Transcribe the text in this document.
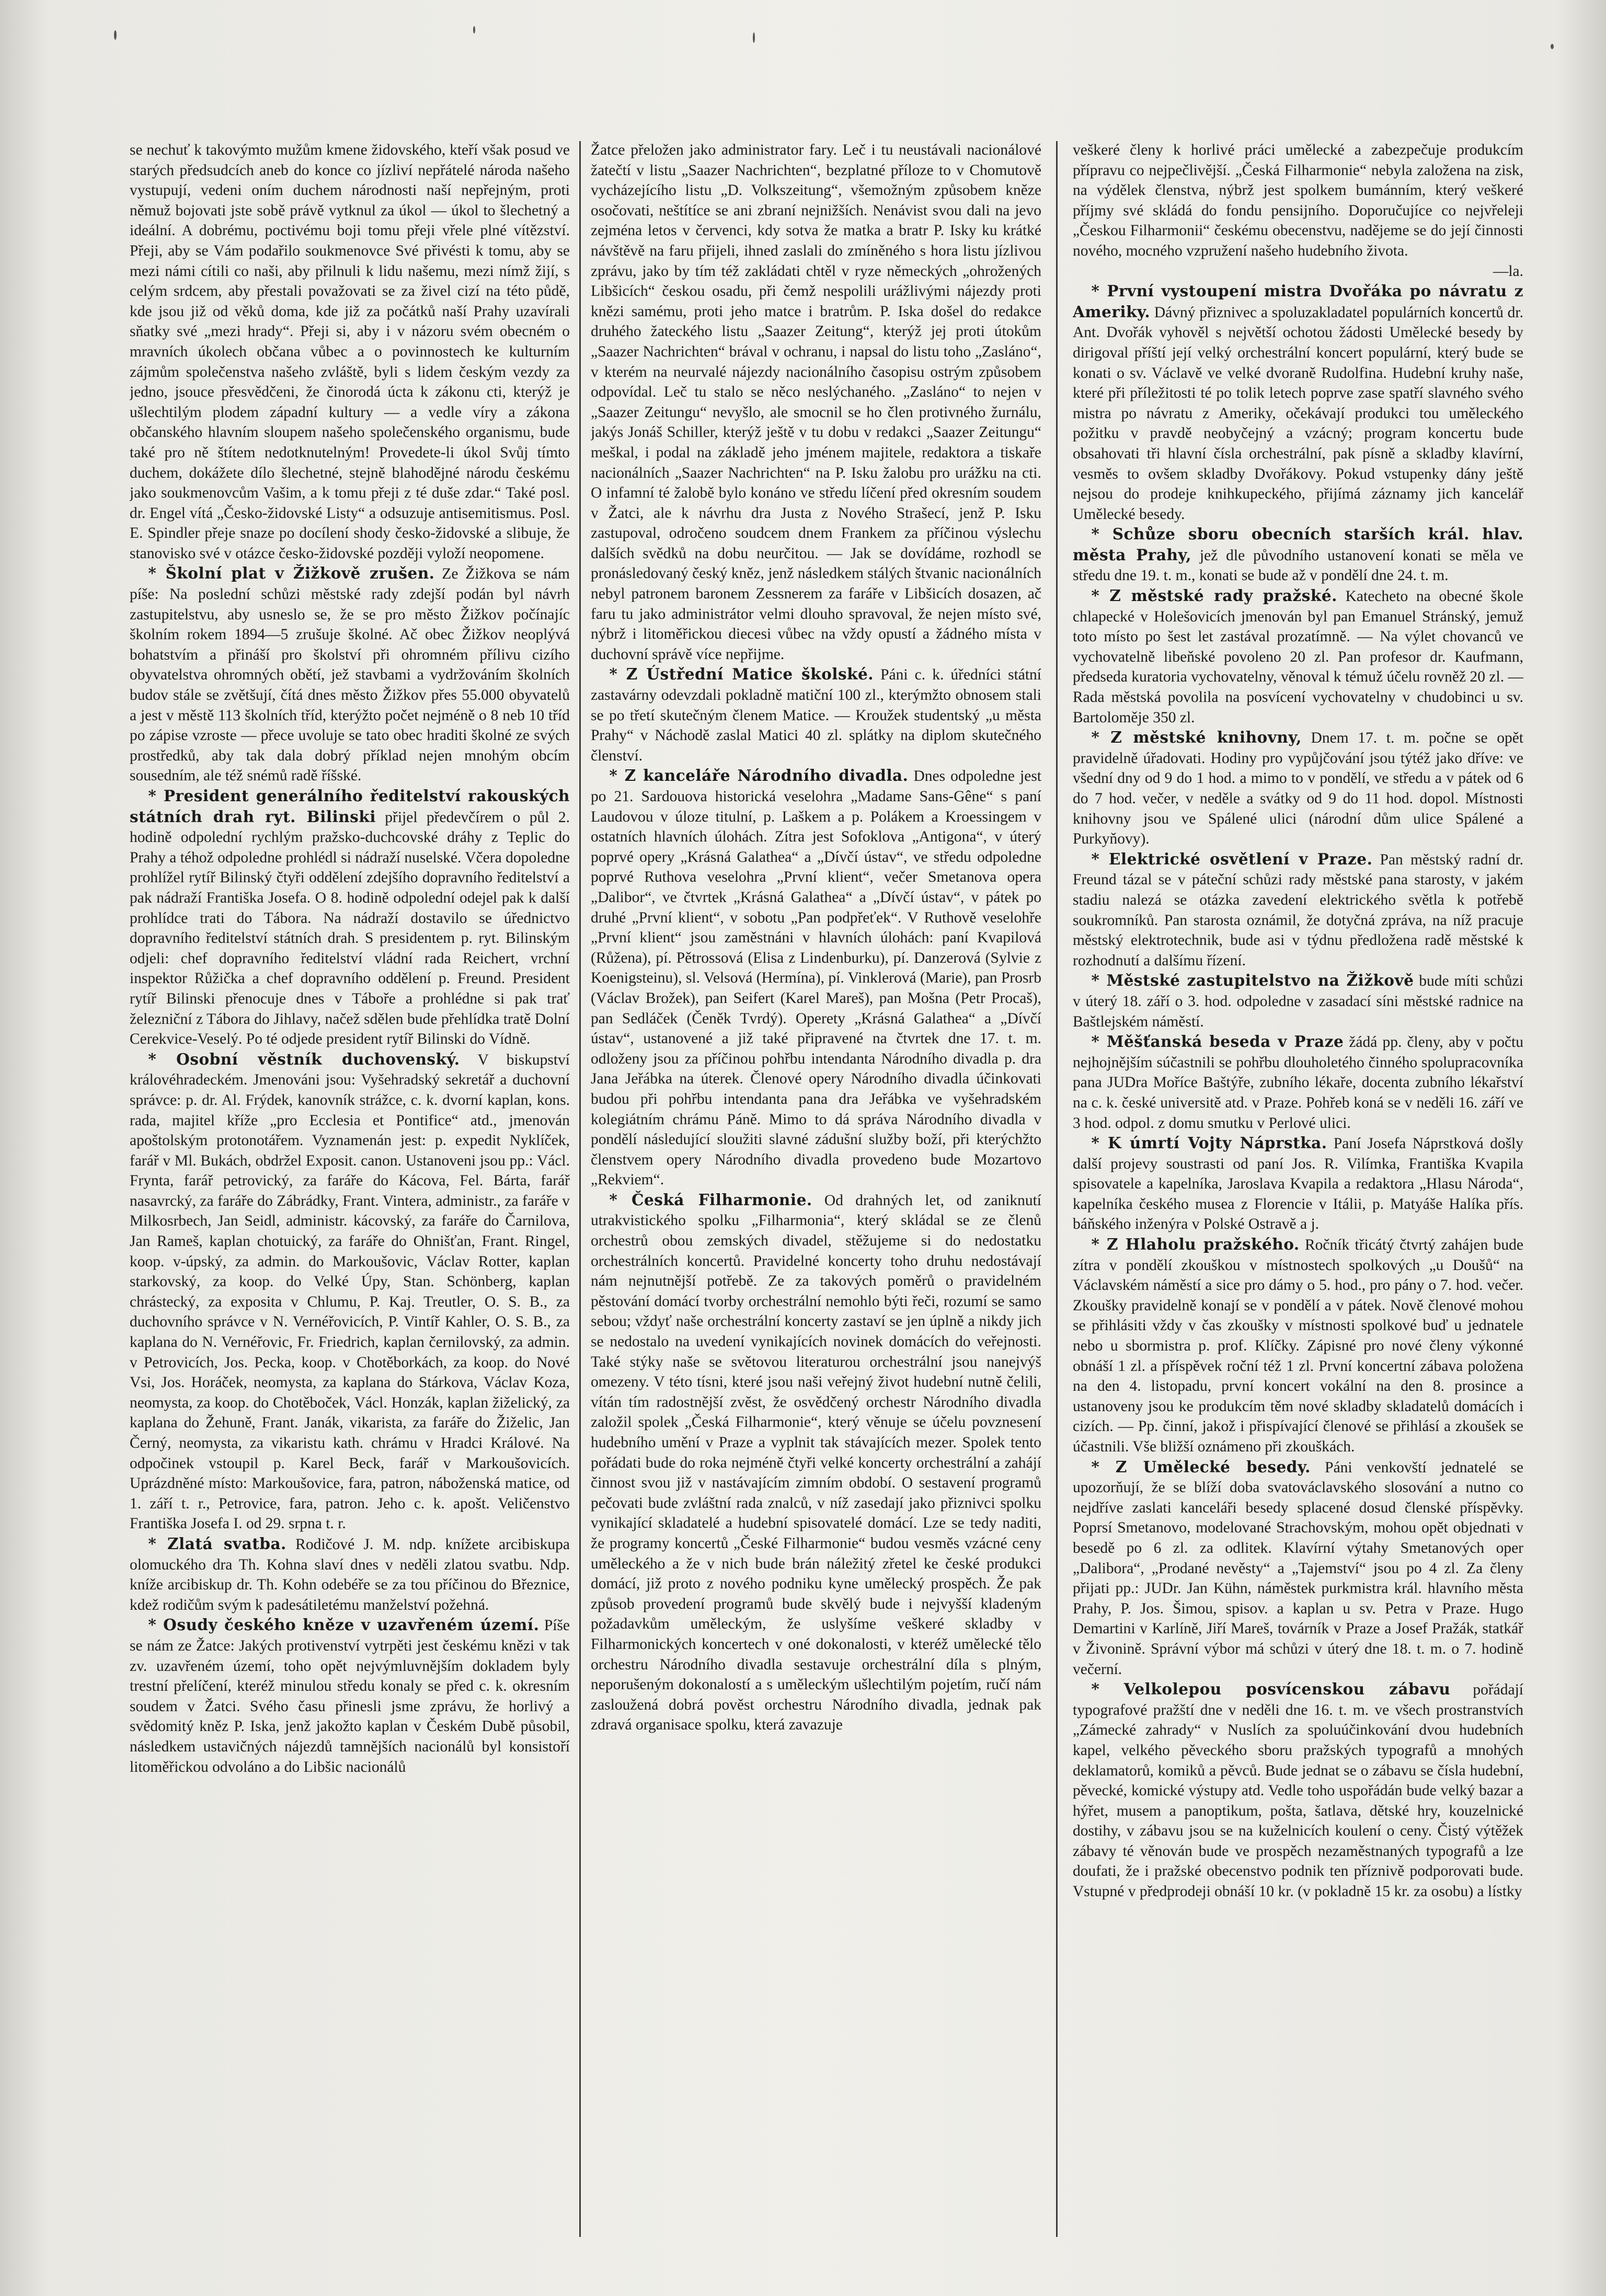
se nechuť k takovýmto mužům kmene židovského, kteří však posud ve starých předsudcích aneb do konce co jízliví nepřátelé národa našeho vystupují, vedeni oním duchem národnosti naší nepřejným, proti němuž bojovati jste sobě právě vytknul za úkol — úkol to šlechetný a ideální. A dobrému, poctivému boji tomu přeji vřele plné vítězství. Přeji, aby se Vám podařilo soukmenovce Své přivésti k tomu, aby se mezi námi cítili co naši, aby přilnuli k lidu našemu, mezi nímž žijí, s celým srdcem, aby přestali považovati se za živel cizí na této půdě, kde jsou již od věků doma, kde již za počátků naší Prahy uzavírali sňatky své „mezi hrady“. Přeji si, aby i v názoru svém obecném o mravních úkolech občana vůbec a o povinnostech ke kulturním zájmům společenstva našeho zvláště, byli s lidem českým vezdy za jedno, jsouce přesvědčeni, že činorodá úcta k zákonu cti, kterýž je ušlechtilým plodem západní kultury — a vedle víry a zákona občanského hlavním sloupem našeho společenského organismu, bude také pro ně štítem nedotknutelným! Provedete-li úkol Svůj tímto duchem, dokážete dílo šlechetné, stejně blahodějné národu českému jako soukmenovcům Vašim, a k tomu přeji z té duše zdar.“ Také posl. dr. Engel vítá „Česko-židovské Listy“ a odsuzuje antisemitismus. Posl. E. Spindler přeje snaze po docílení shody česko-židovské a slibuje, že stanovisko své v otázce česko-židovské později vyloží neopomene.

* Školní plat v Žižkově zrušen. Ze Žižkova se nám píše: Na poslední schůzi městské rady zdejší podán byl návrh zastupitelstvu, aby usneslo se, že se pro město Žižkov počínajíc školním rokem 1894—5 zrušuje školné. Ač obec Žižkov neoplývá bohatstvím a přináší pro školství při ohromném přílivu cizího obyvatelstva ohromných obětí, jež stavbami a vydržováním školních budov stále se zvětšují, čítá dnes město Žižkov přes 55.000 obyvatelů a jest v městě 113 školních tříd, kterýžto počet nejméně o 8 neb 10 tříd po zápise vzroste — přece uvoluje se tato obec hraditi školné ze svých prostředků, aby tak dala dobrý příklad nejen mnohým obcím sousedním, ale též snémů radě říšské.

* President generálního ředitelství rakouských státních drah ryt. Bilinski přijel předevčírem o půl 2. hodině odpolední rychlým pražsko-duchcovské dráhy z Teplic do Prahy a téhož odpoledne prohlédl si nádraží nuselské. Včera dopoledne prohlížel rytíř Bilinský čtyři oddělení zdejšího dopravního ředitelství a pak nádraží Františka Josefa. O 8. hodině odpolední odejel pak k další prohlídce trati do Tábora. Na nádraží dostavilo se úřednictvo dopravního ředitelství státních drah. S presidentem p. ryt. Bilinským odjeli: chef dopravního ředitelství vládní rada Reichert, vrchní inspektor Růžička a chef dopravního oddělení p. Freund. President rytíř Bilinski přenocuje dnes v Táboře a prohlédne si pak trať železniční z Tábora do Jihlavy, načež sdělen bude přehlídka tratě Dolní Cerekvice-Veselý. Po té odjede president rytíř Bilinski do Vídně.

* Osobní věstník duchovenský. V biskupství královéhradeckém. Jmenováni jsou: Vyšehradský sekretář a duchovní správce: p. dr. Al. Frýdek, kanovník strážce, c. k. dvorní kaplan, kons. rada, majitel kříže „pro Ecclesia et Pontifice“ atd., jmenován apoštolským protonotářem. Vyznamenán jest: p. expedit Nyklíček, farář v Ml. Bukách, obdržel Exposit. canon. Ustanoveni jsou pp.: Václ. Frynta, farář petrovický, za faráře do Kácova, Fel. Bárta, farář nasavrcký, za faráře do Zábrádky, Frant. Vintera, administr., za faráře v Milkosrbech, Jan Seidl, administr. kácovský, za faráře do Čarnilova, Jan Rameš, kaplan chotuický, za faráře do Ohnišťan, Frant. Ringel, koop. v-úpský, za admin. do Markoušovic, Václav Rotter, kaplan starkovský, za koop. do Velké Úpy, Stan. Schönberg, kaplan chrástecký, za exposita v Chlumu, P. Kaj. Treutler, O. S. B., za duchovního správce v N. Vernéřovicích, P. Vintíř Kahler, O. S. B., za kaplana do N. Vernéřovic, Fr. Friedrich, kaplan černilovský, za admin. v Petrovicích, Jos. Pecka, koop. v Chotěborkách, za koop. do Nové Vsi, Jos. Horáček, neomysta, za kaplana do Stárkova, Václav Koza, neomysta, za koop. do Chotěboček, Václ. Honzák, kaplan žiželický, za kaplana do Žehuně, Frant. Janák, vikarista, za faráře do Žiželic, Jan Černý, neomysta, za vikaristu kath. chrámu v Hradci Králové. Na odpočinek vstoupil p. Karel Beck, farář v Markoušovicích. Uprázdněné místo: Markoušovice, fara, patron, náboženská matice, od 1. září t. r., Petrovice, fara, patron. Jeho c. k. apošt. Veličenstvo Františka Josefa I. od 29. srpna t. r.

* Zlatá svatba. Rodičové J. M. ndp. knížete arcibiskupa olomuckého dra Th. Kohna slaví dnes v neděli zlatou svatbu. Ndp. kníže arcibiskup dr. Th. Kohn odebéře se za tou příčinou do Březnice, kdež rodičům svým k padesátiletému manželství požehná.

* Osudy českého kněze v uzavřeném území. Píše se nám ze Žatce: Jakých protivenství vytrpěti jest českému knězi v tak zv. uzavřeném území, toho opět nejvýmluvnějším dokladem byly trestní přelíčení, kteréž minulou středu konaly se před c. k. okresním soudem v Žatci. Svého času přinesli jsme zprávu, že horlivý a svědomitý kněz P. Iska, jenž jakožto kaplan v Českém Dubě působil, následkem ustavičných nájezdů tamnějších nacionálů byl konsistoří litoměřickou odvoláno a do Libšic nacionálů

Žatce přeložen jako administrator fary. Leč i tu neustávali nacionálové žatečtí v listu „Saazer Nachrichten“, bezplatné příloze to v Chomutově vycházejícího listu „D. Volkszeitung“, všemožným způsobem kněze osočovati, neštítíce se ani zbraní nejnižších. Nenávist svou dali na jevo zejména letos v červenci, kdy sotva že matka a bratr P. Isky ku krátké návštěvě na faru přijeli, ihned zaslali do zmíněného s hora listu jízlivou zprávu, jako by tím též zakládati chtěl v ryze německých „ohrožených Libšicích“ českou osadu, při čemž nespolili urážlivými nájezdy proti knězi samému, proti jeho matce i bratrům. P. Iska došel do redakce druhého žateckého listu „Saazer Zeitung“, kterýž jej proti útokům „Saazer Nachrichten“ brával v ochranu, i napsal do listu toho „Zasláno“, v kterém na neurvalé nájezdy nacionálního časopisu ostrým způsobem odpovídal. Leč tu stalo se něco neslýchaného. „Zasláno“ to nejen v „Saazer Zeitungu“ nevyšlo, ale smocnil se ho člen protivného žurnálu, jakýs Jonáš Schiller, kterýž ještě v tu dobu v redakci „Saazer Zeitungu“ meškal, i podal na základě jeho jménem majitele, redaktora a tiskaře nacionálních „Saazer Nachrichten“ na P. Isku žalobu pro urážku na cti. O infamní té žalobě bylo konáno ve středu líčení před okresním soudem v Žatci, ale k návrhu dra Justa z Nového Strašecí, jenž P. Isku zastupoval, odročeno soudcem dnem Frankem za příčinou výslechu dalších svědků na dobu neurčitou. — Jak se dovídáme, rozhodl se pronásledovaný český kněz, jenž následkem stálých štvanic nacionálních nebyl patronem baronem Zessnerem za faráře v Libšicích dosazen, ač faru tu jako administrátor velmi dlouho spravoval, že nejen místo své, nýbrž i litoměřickou diecesi vůbec na vždy opustí a žádného místa v duchovní správě více nepřijme.

* Z Ústřední Matice školské. Páni c. k. úředníci státní zastavárny odevzdali pokladně matiční 100 zl., kterýmžto obnosem stali se po třetí skutečným členem Matice. — Kroužek studentský „u města Prahy“ v Náchodě zaslal Matici 40 zl. splátky na diplom skutečného členství.

* Z kanceláře Národního divadla. Dnes odpoledne jest po 21. Sardouova historická veselohra „Madame Sans-Gêne“ s paní Laudovou v úloze titulní, p. Laškem a p. Polákem a Kroessingem v ostatních hlavních úlohách. Zítra jest Sofoklova „Antigona“, v úterý poprvé opery „Krásná Galathea“ a „Dívčí ústav“, ve středu odpoledne poprvé Ruthova veselohra „První klient“, večer Smetanova opera „Dalibor“, ve čtvrtek „Krásná Galathea“ a „Dívčí ústav“, v pátek po druhé „První klient“, v sobotu „Pan podpřeťek“. V Ruthově veselohře „První klient“ jsou zaměstnáni v hlavních úlohách: paní Kvapilová (Růžena), pí. Pětrossová (Elisa z Lindenburku), pí. Danzerová (Sylvie z Koenigsteinu), sl. Velsová (Hermína), pí. Vinklerová (Marie), pan Prosrb (Václav Brožek), pan Seifert (Karel Mareš), pan Mošna (Petr Procaš), pan Sedláček (Čeněk Tvrdý). Operety „Krásná Galathea“ a „Dívčí ústav“, ustanovené a již také připravené na čtvrtek dne 17. t. m. odloženy jsou za příčinou pohřbu intendanta Národního divadla p. dra Jana Jeřábka na úterek. Členové opery Národního divadla účinkovati budou při pohřbu intendanta pana dra Jeřábka ve vyšehradském kolegiátním chrámu Páně. Mimo to dá správa Národního divadla v pondělí následující sloužiti slavné zádušní služby boží, při kterýchžto členstvem opery Národního divadla provedeno bude Mozartovo „Rekviem“.

* Česká Filharmonie. Od drahných let, od zaniknutí utrakvistického spolku „Filharmonia“, který skládal se ze členů orchestrů obou zemských divadel, stěžujeme si do nedostatku orchestrálních koncertů. Pravidelné koncerty toho druhu nedostávají nám nejnutnější potřebě. Ze za takových poměrů o pravidelném pěstování domácí tvorby orchestrální nemohlo býti řeči, rozumí se samo sebou; vždyť naše orchestrální koncerty zastaví se jen úplně a nikdy jich se nedostalo na uvedení vynikajících novinek domácích do veřejnosti. Také stýky naše se světovou literaturou orchestrální jsou nanejvýš omezeny. V této tísni, které jsou naši veřejný život hudební nutně čelili, vítán tím radostnější zvěst, že osvědčený orchestr Národního divadla založil spolek „Česká Filharmonie“, který věnuje se účelu povznesení hudebního umění v Praze a vyplnit tak stávajících mezer. Spolek tento pořádati bude do roka nejméně čtyři velké koncerty orchestrální a zahájí činnost svou již v nastávajícím zimním období. O sestavení programů pečovati bude zvláštní rada znalců, v níž zasedají jako přiznivci spolku vynikající skladatelé a hudební spisovatelé domácí. Lze se tedy naditi, že programy koncertů „České Filharmonie“ budou vesměs vzácné ceny uměleckého a že v nich bude brán náležitý zřetel ke české produkci domácí, již proto z nového podniku kyne umělecký prospěch. Že pak způsob provedení programů bude skvělý bude i nejvyšší kladeným požadavkům uměleckým, že uslyšíme veškeré skladby v Filharmonických koncertech v oné dokonalosti, v kteréž umělecké tělo orchestru Národního divadla sestavuje orchestrální díla s plným, neporušeným dokonalostí a s uměleckým ušlechtilým pojetím, ručí nám zasloužená dobrá pověst orchestru Národního divadla, jednak pak zdravá organisace spolku, která zavazuje

veškeré členy k horlivé práci umělecké a zabezpečuje produkcím přípravu co nejpečlivější. „Česká Filharmonie“ nebyla založena na zisk, na výdělek členstva, nýbrž jest spolkem bumánním, který veškeré příjmy své skládá do fondu pensijního. Doporučujíce co nejvřeleji „Českou Filharmonii“ českému obecenstvu, nadějeme se do její činnosti nového, mocného vzpružení našeho hudebního života.

—la.

* První vystoupení mistra Dvořáka po návratu z Ameriky. Dávný přiznivec a spoluzakladatel populárních koncertů dr. Ant. Dvořák vyhověl s největší ochotou žádosti Umělecké besedy by dirigoval příští její velký orchestrální koncert populární, který bude se konati o sv. Václavě ve velké dvoraně Rudolfina. Hudební kruhy naše, které při příležitosti té po tolik letech poprve zase spatří slavného svého mistra po návratu z Ameriky, očekávají produkci tou uměleckého požitku v pravdě neobyčejný a vzácný; program koncertu bude obsahovati tři hlavní čísla orchestrální, pak písně a skladby klavírní, vesměs to ovšem skladby Dvořákovy. Pokud vstupenky dány ještě nejsou do prodeje knihkupeckého, přijímá záznamy jich kancelář Umělecké besedy.

* Schůze sboru obecních starších král. hlav. města Prahy, jež dle původního ustanovení konati se měla ve středu dne 19. t. m., konati se bude až v pondělí dne 24. t. m.

* Z městské rady pražské. Katecheto na obecné škole chlapecké v Holešovicích jmenován byl pan Emanuel Stránský, jemuž toto místo po šest let zastával prozatímně. — Na výlet chovanců ve vychovatelně libeňské povoleno 20 zl. Pan profesor dr. Kaufmann, předseda kuratoria vychovatelny, věnoval k témuž účelu rovněž 20 zl. — Rada městská povolila na posvícení vychovatelny v chudobinci u sv. Bartoloměje 350 zl.

* Z městské knihovny, Dnem 17. t. m. počne se opět pravidelně úřadovati. Hodiny pro vypůjčování jsou týtéž jako dříve: ve všední dny od 9 do 1 hod. a mimo to v pondělí, ve středu a v pátek od 6 do 7 hod. večer, v neděle a svátky od 9 do 11 hod. dopol. Místnosti knihovny jsou ve Spálené ulici (národní dům ulice Spálené a Purkyňovy).

* Elektrické osvětlení v Praze. Pan městský radní dr. Freund tázal se v páteční schůzi rady městské pana starosty, v jakém stadiu nalezá se otázka zavedení elektrického světla k potřebě soukromníků. Pan starosta oznámil, že dotyčná zpráva, na níž pracuje městský elektrotechnik, bude asi v týdnu předložena radě městské k rozhodnutí a dalšímu řízení.

* Městské zastupitelstvo na Žižkově bude míti schůzi v úterý 18. září o 3. hod. odpoledne v zasadací síni městské radnice na Baštlejském náměstí.

* Měšťanská beseda v Praze žádá pp. členy, aby v počtu nejhojnějším súčastnili se pohřbu dlouholetého činného spolupracovníka pana JUDra Moříce Baštýře, zubního lékaře, docenta zubního lékařství na c. k. české universitě atd. v Praze. Pohřeb koná se v neděli 16. září ve 3 hod. odpol. z domu smutku v Perlové ulici.

* K úmrtí Vojty Náprstka. Paní Josefa Náprstková došly další projevy soustrasti od paní Jos. R. Vilímka, Františka Kvapila spisovatele a kapelníka, Jaroslava Kvapila a redaktora „Hlasu Národa“, kapelníka českého musea z Florencie v Itálii, p. Matyáše Halíka přís. báňského inženýra v Polské Ostravě a j.

* Z Hlaholu pražského. Ročník třicátý čtvrtý zahájen bude zítra v pondělí zkouškou v místnostech spolkových „u Doušů“ na Václavském náměstí a sice pro dámy o 5. hod., pro pány o 7. hod. večer. Zkoušky pravidelně konají se v pondělí a v pátek. Nově členové mohou se přihlásiti vždy v čas zkoušky v místnosti spolkové buď u jednatele nebo u sbormistra p. prof. Klíčky. Zápisné pro nové členy výkonné obnáší 1 zl. a příspěvek roční též 1 zl. První koncertní zábava položena na den 4. listopadu, první koncert vokální na den 8. prosince a ustanoveny jsou ke produkcím těm nové skladby skladatelů domácích i cizích. — Pp. činní, jakož i přispívající členové se přihlásí a zkoušek se účastnili. Vše bližší oznámeno při zkouškách.

* Z Umělecké besedy. Páni venkovští jednatelé se upozorňují, že se blíží doba svatováclavského slosování a nutno co nejdříve zaslati kanceláři besedy splacené dosud členské příspěvky. Poprsí Smetanovo, modelované Strachovským, mohou opět objednati v besedě po 6 zl. za odlitek. Klavírní výtahy Smetanových oper „Dalibora“, „Prodané nevěsty“ a „Tajemství“ jsou po 4 zl. Za členy přijati pp.: JUDr. Jan Kühn, náměstek purkmistra král. hlavního města Prahy, P. Jos. Šimou, spisov. a kaplan u sv. Petra v Praze. Hugo Demartini v Karlíně, Jiří Mareš, továrník v Praze a Josef Pražák, statkář v Živonině. Správní výbor má schůzi v úterý dne 18. t. m. o 7. hodině večerní.

* Velkolepou posvícenskou zábavu pořádají typografové pražští dne v neděli dne 16. t. m. ve všech prostranstvích „Zámecké zahrady“ v Nuslích za spoluúčinkování dvou hudebních kapel, velkého pěveckého sboru pražských typografů a mnohých deklamatorů, komiků a pěvců. Bude jednat se o zábavu se čísla hudební, pěvecké, komické výstupy atd. Vedle toho uspořádán bude velký bazar a hýřet, musem a panoptikum, pošta, šatlava, dětské hry, kouzelnické dostihy, v zábavu jsou se na kuželnicích koulení o ceny. Čistý výtěžek zábavy té věnován bude ve prospěch nezaměstnaných typografů a lze doufati, že i pražské obecenstvo podnik ten příznivě podporovati bude. Vstupné v předprodeji obnáší 10 kr. (v pokladně 15 kr. za osobu) a lístky
